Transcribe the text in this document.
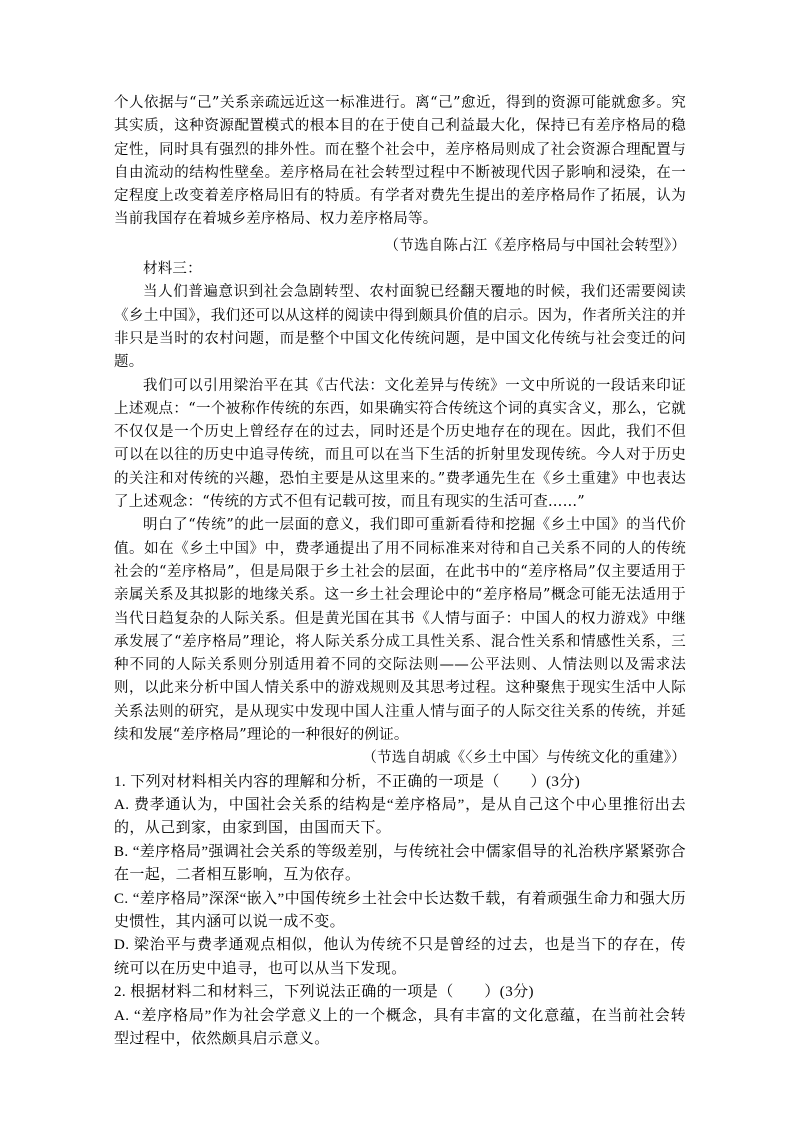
个人依据与“己”关系亲疏远近这一标准进行。离“己”愈近，得到的资源可能就愈多。究其实质，这种资源配置模式的根本目的在于使自己利益最大化，保持已有差序格局的稳定性，同时具有强烈的排外性。而在整个社会中，差序格局则成了社会资源合理配置与自由流动的结构性壁垒。差序格局在社会转型过程中不断被现代因子影响和浸染，在一定程度上改变着差序格局旧有的特质。有学者对费先生提出的差序格局作了拓展，认为当前我国存在着城乡差序格局、权力差序格局等。

（节选自陈占江《差序格局与中国社会转型》）

材料三：

当人们普遍意识到社会急剧转型、农村面貌已经翻天覆地的时候，我们还需要阅读《乡土中国》，我们还可以从这样的阅读中得到颇具价值的启示。因为，作者所关注的并非只是当时的农村问题，而是整个中国文化传统问题，是中国文化传统与社会变迁的问题。

我们可以引用梁治平在其《古代法：文化差异与传统》一文中所说的一段话来印证上述观点：“一个被称作传统的东西，如果确实符合传统这个词的真实含义，那么，它就不仅仅是一个历史上曾经存在的过去，同时还是个历史地存在的现在。因此，我们不但可以在以往的历史中追寻传统，而且可以在当下生活的折射里发现传统。今人对于历史的关注和对传统的兴趣，恐怕主要是从这里来的。”费孝通先生在《乡土重建》中也表达了上述观念：“传统的方式不但有记载可按，而且有现实的生活可查……”

明白了“传统”的此一层面的意义，我们即可重新看待和挖掘《乡土中国》的当代价值。如在《乡土中国》中，费孝通提出了用不同标准来对待和自己关系不同的人的传统社会的“差序格局”，但是局限于乡土社会的层面，在此书中的“差序格局”仅主要适用于亲属关系及其拟影的地缘关系。这一乡土社会理论中的“差序格局”概念可能无法适用于当代日趋复杂的人际关系。但是黄光国在其书《人情与面子：中国人的权力游戏》中继承发展了“差序格局”理论，将人际关系分成工具性关系、混合性关系和情感性关系，三种不同的人际关系则分别适用着不同的交际法则——公平法则、人情法则以及需求法则，以此来分析中国人情关系中的游戏规则及其思考过程。这种聚焦于现实生活中人际关系法则的研究，是从现实中发现中国人注重人情与面子的人际交往关系的传统，并延续和发展“差序格局”理论的一种很好的例证。

（节选自胡戚《〈乡土中国〉与传统文化的重建》）

1. 下列对材料相关内容的理解和分析，不正确的一项是（　　）(3分)

A. 费孝通认为，中国社会关系的结构是“差序格局”，是从自己这个中心里推衍出去的，从己到家，由家到国，由国而天下。

B. “差序格局”强调社会关系的等级差别，与传统社会中儒家倡导的礼治秩序紧紧弥合在一起，二者相互影响，互为依存。

C. “差序格局”深深“嵌入”中国传统乡土社会中长达数千载，有着顽强生命力和强大历史惯性，其内涵可以说一成不变。

D. 梁治平与费孝通观点相似，他认为传统不只是曾经的过去，也是当下的存在，传统可以在历史中追寻，也可以从当下发现。

2. 根据材料二和材料三，下列说法正确的一项是（　　）(3分)

A. “差序格局”作为社会学意义上的一个概念，具有丰富的文化意蕴，在当前社会转型过程中，依然颇具启示意义。
